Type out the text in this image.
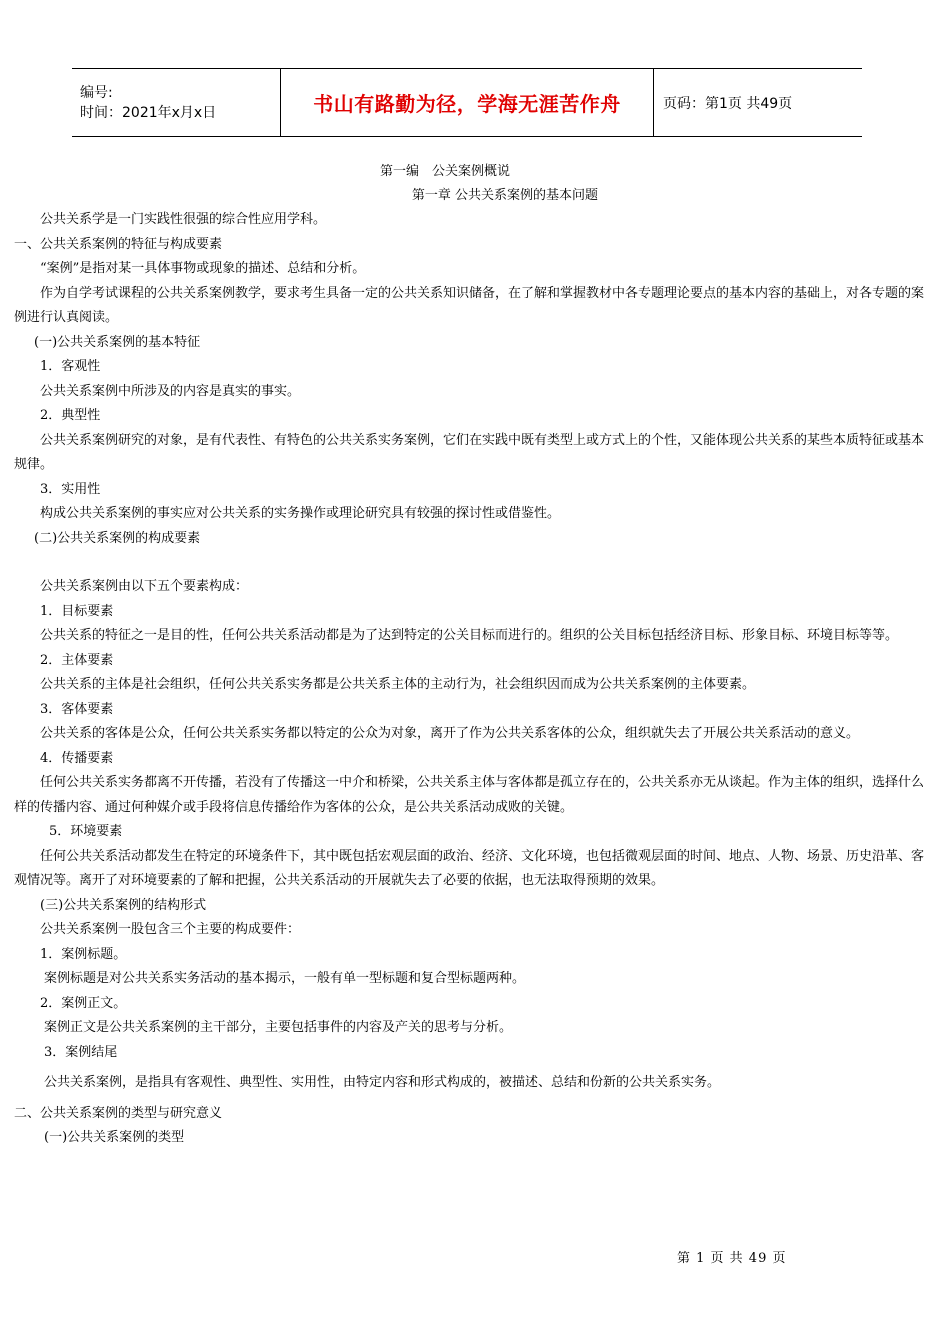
编号:
时间：2021年x月x日	书山有路勤为径，学海无涯苦作舟	页码：第1页 共49页
第一编　公关案例概说
第一章 公共关系案例的基本问题

公共关系学是一门实践性很强的综合性应用学科。

一、公共关系案例的特征与构成要素

“案例”是指对某一具体事物或现象的描述、总结和分析。

作为自学考试课程的公共关系案例教学，要求考生具备一定的公共关系知识储备，在了解和掌握教材中各专题理论要点的基本内容的基础上，对各专题的案例进行认真阅读。

(一)公共关系案例的基本特征

1．客观性

公共关系案例中所涉及的内容是真实的事实。

2．典型性

公共关系案例研究的对象，是有代表性、有特色的公共关系实务案例，它们在实践中既有类型上或方式上的个性，又能体现公共关系的某些本质特征或基本规律。

3．实用性

构成公共关系案例的事实应对公共关系的实务操作或理论研究具有较强的探讨性或借鉴性。

(二)公共关系案例的构成要素

公共关系案例由以下五个要素构成：

1．目标要素

公共关系的特征之一是目的性，任何公共关系活动都是为了达到特定的公关目标而进行的。组织的公关目标包括经济目标、形象目标、环境目标等等。

2．主体要素

公共关系的主体是社会组织，任何公共关系实务都是公共关系主体的主动行为，社会组织因而成为公共关系案例的主体要素。

3．客体要素

公共关系的客体是公众，任何公共关系实务都以特定的公众为对象，离开了作为公共关系客体的公众，组织就失去了开展公共关系活动的意义。

4．传播要素

任何公共关系实务都离不开传播，若没有了传播这一中介和桥梁，公共关系主体与客体都是孤立存在的，公共关系亦无从谈起。作为主体的组织，选择什么样的传播内容、通过何种媒介或手段将信息传播给作为客体的公众，是公共关系活动成败的关键。

5．环境要素

任何公共关系活动都发生在特定的环境条件下，其中既包括宏观层面的政治、经济、文化环境，也包括微观层面的时间、地点、人物、场景、历史沿革、客观情况等。离开了对环境要素的了解和把握，公共关系活动的开展就失去了必要的依据，也无法取得预期的效果。

(三)公共关系案例的结构形式

公共关系案例一股包含三个主要的构成要件：

1．案例标题。

案例标题是对公共关系实务活动的基本揭示，一般有单一型标题和复合型标题两种。

2．案例正文。

案例正文是公共关系案例的主干部分，主要包括事件的内容及产关的思考与分析。

3．案例结尾

公共关系案例，是指具有客观性、典型性、实用性，由特定内容和形式构成的，被描述、总结和份新的公共关系实务。

二、公共关系案例的类型与研究意义

(一)公共关系案例的类型

第 1 页 共 49 页
